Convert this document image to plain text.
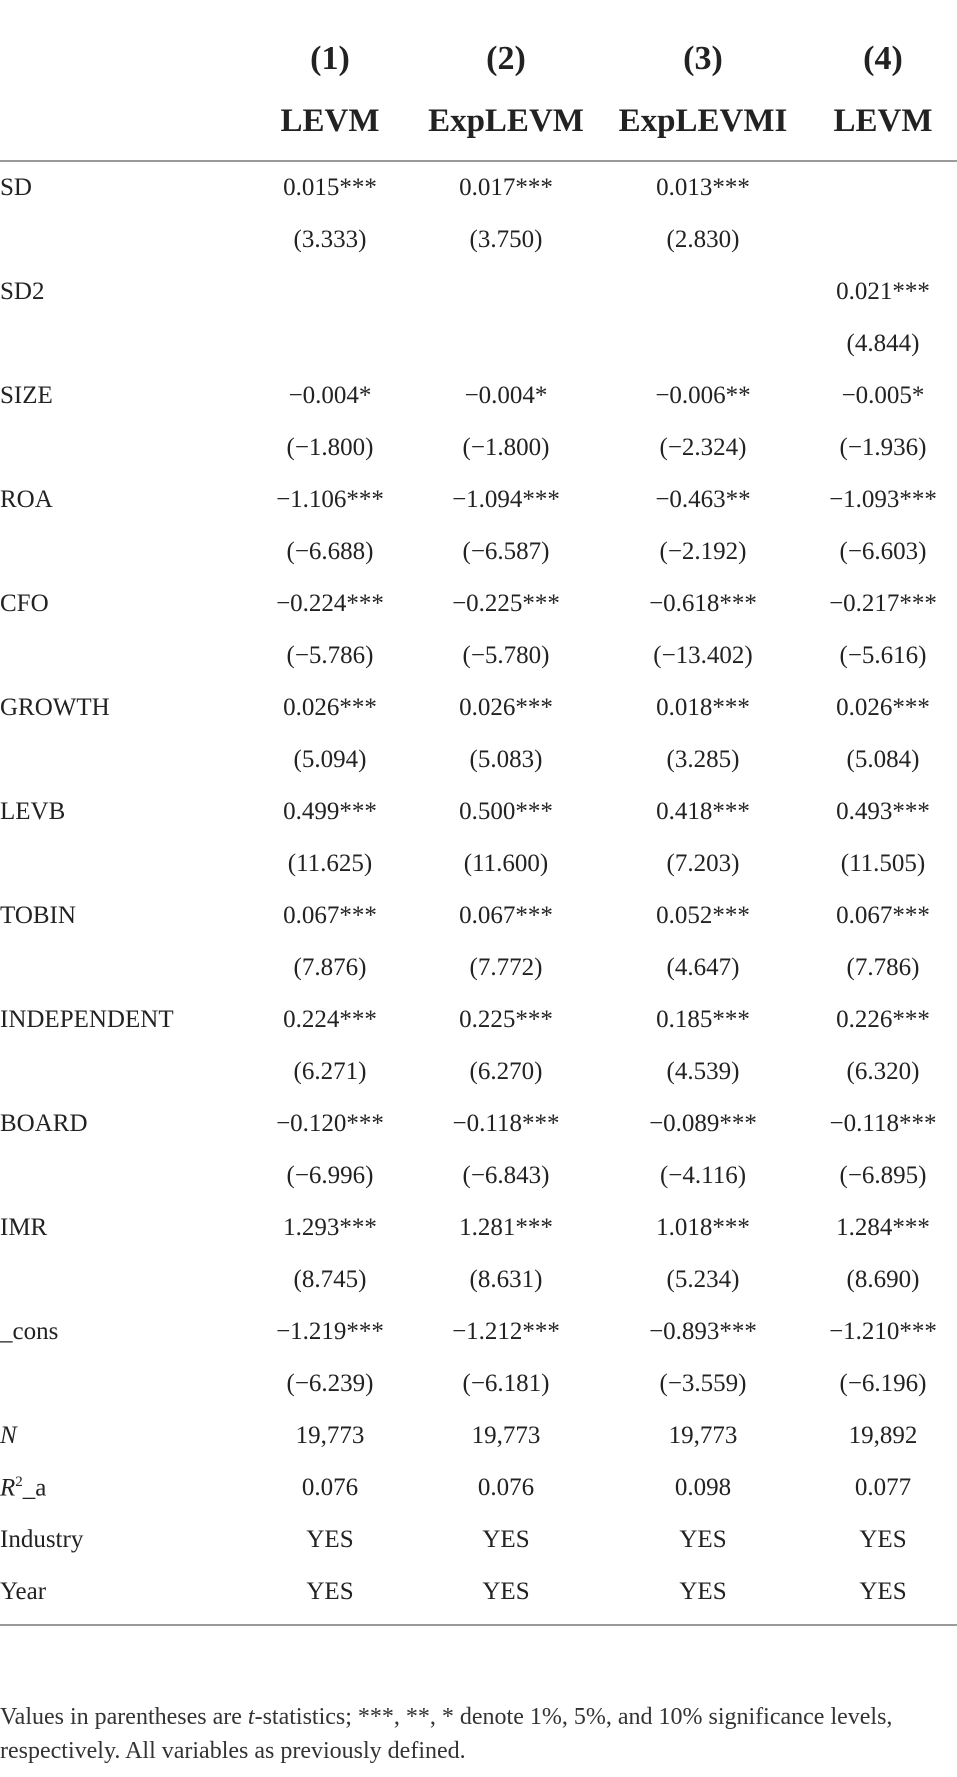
	(1)	(2)	(3)	(4)
	LEVM	ExpLEVM	ExpLEVMI	LEVM
SD	0.015***	0.017***	0.013***	
	(3.333)	(3.750)	(2.830)	
SD2				0.021***
				(4.844)
SIZE	−0.004*	−0.004*	−0.006**	−0.005*
	(−1.800)	(−1.800)	(−2.324)	(−1.936)
ROA	−1.106***	−1.094***	−0.463**	−1.093***
	(−6.688)	(−6.587)	(−2.192)	(−6.603)
CFO	−0.224***	−0.225***	−0.618***	−0.217***
	(−5.786)	(−5.780)	(−13.402)	(−5.616)
GROWTH	0.026***	0.026***	0.018***	0.026***
	(5.094)	(5.083)	(3.285)	(5.084)
LEVB	0.499***	0.500***	0.418***	0.493***
	(11.625)	(11.600)	(7.203)	(11.505)
TOBIN	0.067***	0.067***	0.052***	0.067***
	(7.876)	(7.772)	(4.647)	(7.786)
INDEPENDENT	0.224***	0.225***	0.185***	0.226***
	(6.271)	(6.270)	(4.539)	(6.320)
BOARD	−0.120***	−0.118***	−0.089***	−0.118***
	(−6.996)	(−6.843)	(−4.116)	(−6.895)
IMR	1.293***	1.281***	1.018***	1.284***
	(8.745)	(8.631)	(5.234)	(8.690)
_cons	−1.219***	−1.212***	−0.893***	−1.210***
	(−6.239)	(−6.181)	(−3.559)	(−6.196)
N	19,773	19,773	19,773	19,892
$R^2\_a$	0.076	0.076	0.098	0.077
Industry	YES	YES	YES	YES
Year	YES	YES	YES	YES
Values in parentheses are t-statistics; ***, **, * denote 1%, 5%, and 10% significance levels, respectively. All variables as previously defined.
